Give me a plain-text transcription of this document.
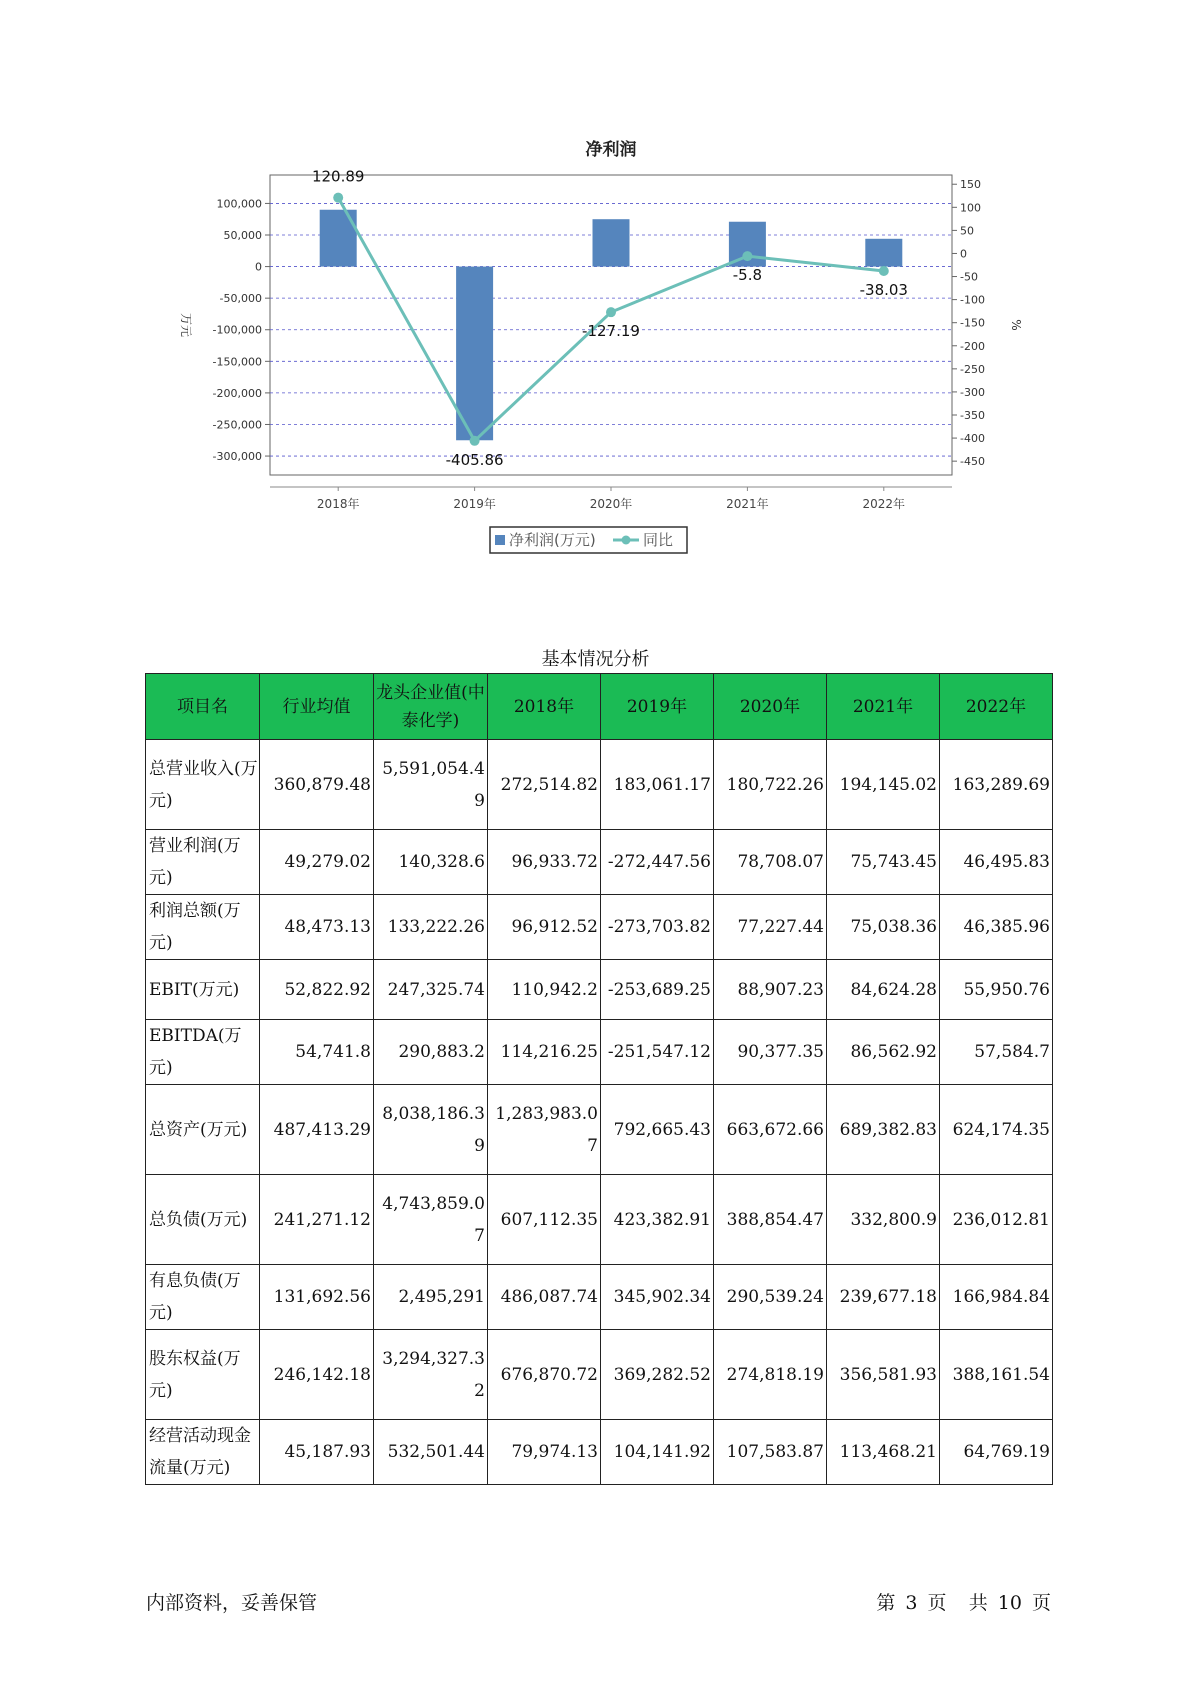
净利润
100,000
50,000
0
-50,000
-100,000
-150,000
-200,000
-250,000
-300,000
150
100
50
0
-50
-100
-150
-200
-250
-300
-350
-400
-450
万元	%
2018年	2019年	2020年	2021年	2022年
120.89
-405.86
-127.19
-5.8
-38.03
净利润(万元)	同比
基本情况分析
项目名	行业均值	龙头企业值(中泰化学)	2018年	2019年	2020年	2021年	2022年
总营业收入(万元)	360,879.48	5,591,054.49	272,514.82	183,061.17	180,722.26	194,145.02	163,289.69
营业利润(万元)	49,279.02	140,328.6	96,933.72	-272,447.56	78,708.07	75,743.45	46,495.83
利润总额(万元)	48,473.13	133,222.26	96,912.52	-273,703.82	77,227.44	75,038.36	46,385.96
EBIT(万元)	52,822.92	247,325.74	110,942.2	-253,689.25	88,907.23	84,624.28	55,950.76
EBITDA(万元)	54,741.8	290,883.2	114,216.25	-251,547.12	90,377.35	86,562.92	57,584.7
总资产(万元)	487,413.29	8,038,186.39	1,283,983.07	792,665.43	663,672.66	689,382.83	624,174.35
总负债(万元)	241,271.12	4,743,859.07	607,112.35	423,382.91	388,854.47	332,800.9	236,012.81
有息负债(万元)	131,692.56	2,495,291	486,087.74	345,902.34	290,539.24	239,677.18	166,984.84
股东权益(万元)	246,142.18	3,294,327.32	676,870.72	369,282.52	274,818.19	356,581.93	388,161.54
经营活动现金流量(万元)	45,187.93	532,501.44	79,974.13	104,141.92	107,583.87	113,468.21	64,769.19
内部资料，妥善保管	第 3 页 共 10 页
